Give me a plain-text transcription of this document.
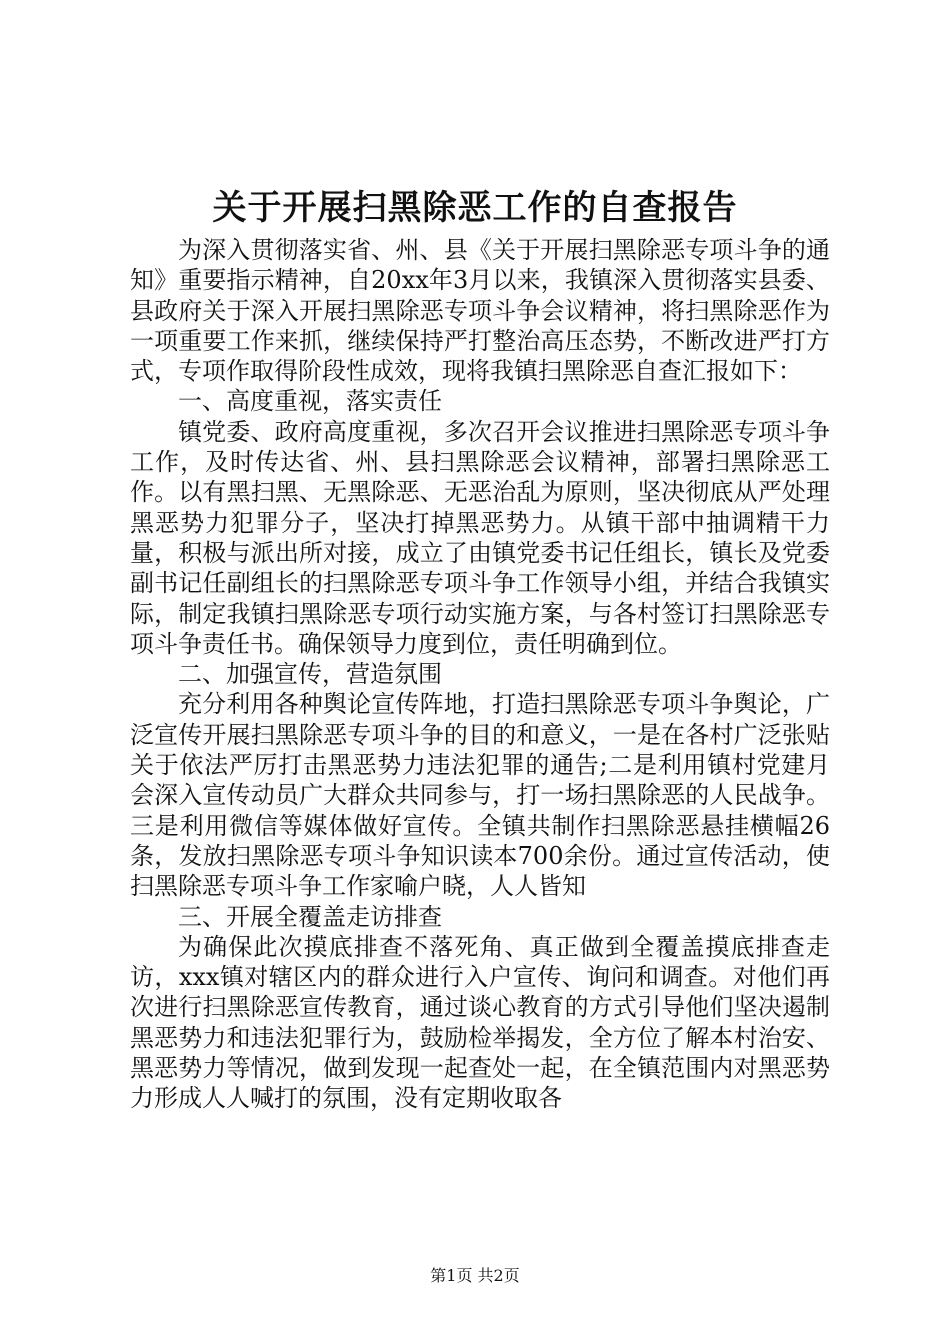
关于开展扫黑除恶工作的自查报告

为深入贯彻落实省、州、县《关于开展扫黑除恶专项斗争的通知》重要指示精神，自20xx年3月以来，我镇深入贯彻落实县委、县政府关于深入开展扫黑除恶专项斗争会议精神，将扫黑除恶作为一项重要工作来抓，继续保持严打整治高压态势，不断改进严打方式，专项作取得阶段性成效，现将我镇扫黑除恶自查汇报如下：

一、高度重视，落实责任

镇党委、政府高度重视，多次召开会议推进扫黑除恶专项斗争工作，及时传达省、州、县扫黑除恶会议精神，部署扫黑除恶工作。以有黑扫黑、无黑除恶、无恶治乱为原则，坚决彻底从严处理黑恶势力犯罪分子，坚决打掉黑恶势力。从镇干部中抽调精干力量，积极与派出所对接，成立了由镇党委书记任组长，镇长及党委副书记任副组长的扫黑除恶专项斗争工作领导小组，并结合我镇实际，制定我镇扫黑除恶专项行动实施方案，与各村签订扫黑除恶专项斗争责任书。确保领导力度到位，责任明确到位。

二、加强宣传，营造氛围

充分利用各种舆论宣传阵地，打造扫黑除恶专项斗争舆论，广泛宣传开展扫黑除恶专项斗争的目的和意义，一是在各村广泛张贴关于依法严厉打击黑恶势力违法犯罪的通告;二是利用镇村党建月会深入宣传动员广大群众共同参与，打一场扫黑除恶的人民战争。三是利用微信等媒体做好宣传。全镇共制作扫黑除恶悬挂横幅26条，发放扫黑除恶专项斗争知识读本700余份。通过宣传活动，使扫黑除恶专项斗争工作家喻户晓，人人皆知

三、开展全覆盖走访排查

为确保此次摸底排查不落死角、真正做到全覆盖摸底排查走访，xxx镇对辖区内的群众进行入户宣传、询问和调查。对他们再次进行扫黑除恶宣传教育，通过谈心教育的方式引导他们坚决遏制黑恶势力和违法犯罪行为，鼓励检举揭发，全方位了解本村治安、黑恶势力等情况，做到发现一起查处一起，在全镇范围内对黑恶势力形成人人喊打的氛围，没有定期收取各

第1页 共2页
